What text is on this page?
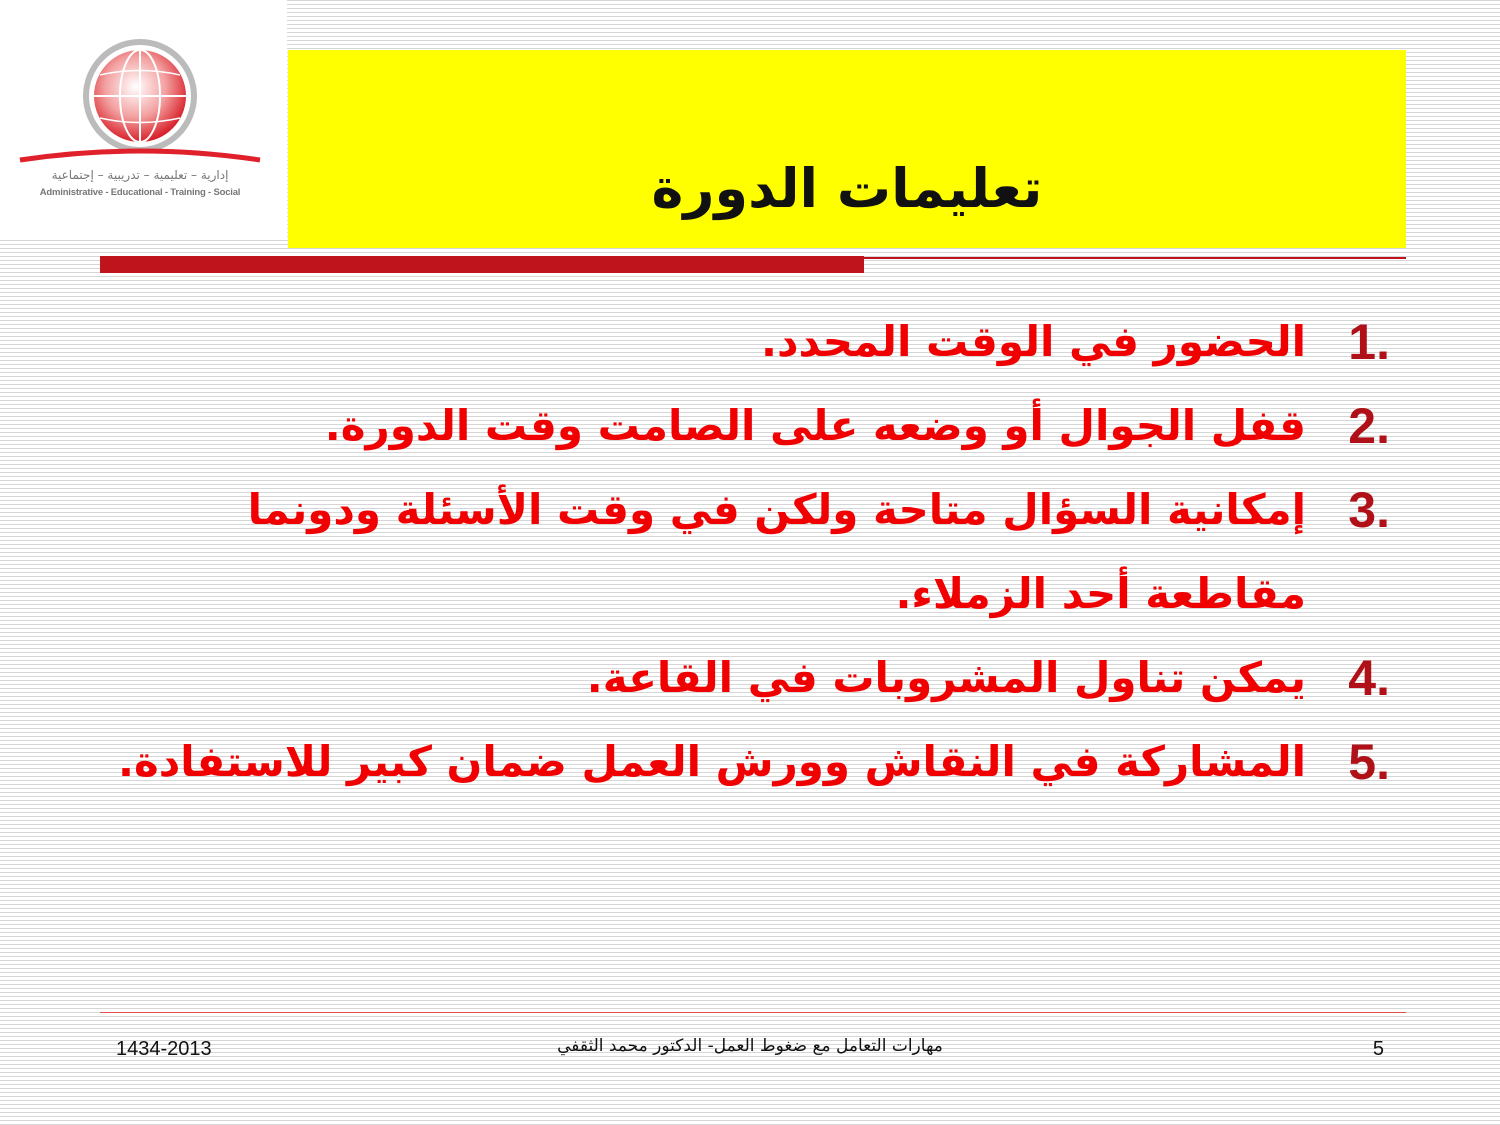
إدارية – تعليمية – تدريبية – إجتماعية
Administrative - Educational - Training - Social	تعليمات الدورة
1.
الحضور في الوقت المحدد.
2.
قفل الجوال أو وضعه على الصامت وقت الدورة.
3.
إمكانية السؤال متاحة ولكن في وقت الأسئلة ودونما مقاطعة أحد الزملاء.
4.
يمكن تناول المشروبات في القاعة.
5.
المشاركة في النقاش وورش العمل ضمان كبير للاستفادة.
1434-2013	مهارات التعامل مع ضغوط العمل- الدكتور محمد الثقفي	5
